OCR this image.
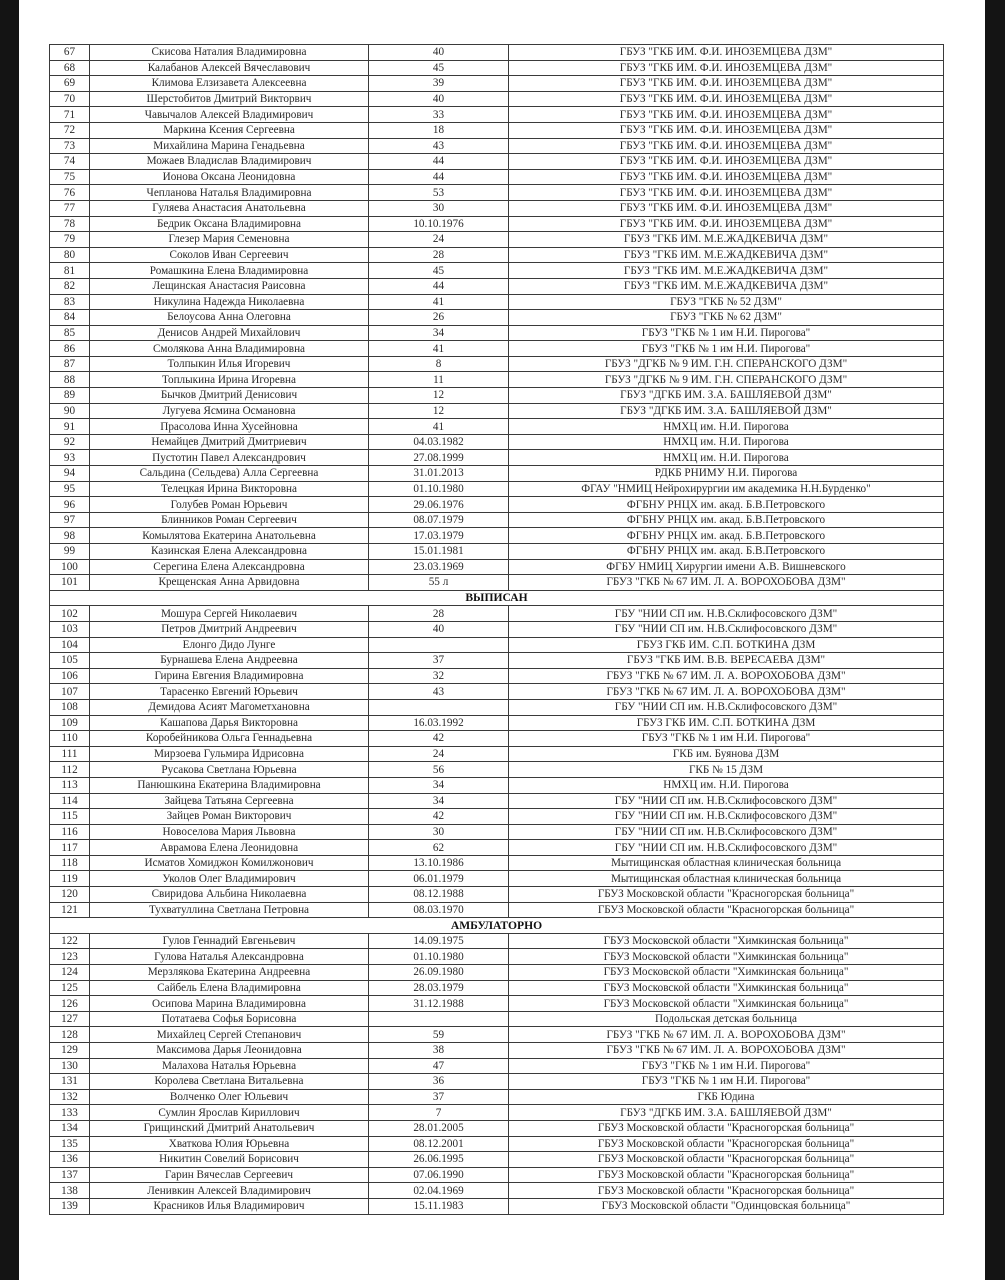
67	Скисова Наталия Владимировна	40	ГБУЗ "ГКБ ИМ. Ф.И. ИНОЗЕМЦЕВА ДЗМ"
68	Калабанов Алексей Вячеславович	45	ГБУЗ "ГКБ ИМ. Ф.И. ИНОЗЕМЦЕВА ДЗМ"
69	Климова Елзизавета Алексеевна	39	ГБУЗ "ГКБ ИМ. Ф.И. ИНОЗЕМЦЕВА ДЗМ"
70	Шерстобитов Дмитрий Викторвич	40	ГБУЗ "ГКБ ИМ. Ф.И. ИНОЗЕМЦЕВА ДЗМ"
71	Чавычалов Алексей Владимирович	33	ГБУЗ "ГКБ ИМ. Ф.И. ИНОЗЕМЦЕВА ДЗМ"
72	Маркина Ксения Сергеевна	18	ГБУЗ "ГКБ ИМ. Ф.И. ИНОЗЕМЦЕВА ДЗМ"
73	Михайлина Марина Генадьевна	43	ГБУЗ "ГКБ ИМ. Ф.И. ИНОЗЕМЦЕВА ДЗМ"
74	Можаев Владислав Владимирович	44	ГБУЗ "ГКБ ИМ. Ф.И. ИНОЗЕМЦЕВА ДЗМ"
75	Ионова Оксана Леонидовна	44	ГБУЗ "ГКБ ИМ. Ф.И. ИНОЗЕМЦЕВА ДЗМ"
76	Чепланова Наталья Владимировна	53	ГБУЗ "ГКБ ИМ. Ф.И. ИНОЗЕМЦЕВА ДЗМ"
77	Гуляева Анастасия Анатольевна	30	ГБУЗ "ГКБ ИМ. Ф.И. ИНОЗЕМЦЕВА ДЗМ"
78	Бедрик Оксана Владимировна	10.10.1976	ГБУЗ "ГКБ ИМ. Ф.И. ИНОЗЕМЦЕВА ДЗМ"
79	Глезер Мария Семеновна	24	ГБУЗ "ГКБ ИМ. М.Е.ЖАДКЕВИЧА ДЗМ"
80	Соколов Иван Сергеевич	28	ГБУЗ "ГКБ ИМ. М.Е.ЖАДКЕВИЧА ДЗМ"
81	Ромашкина Елена Владимировна	45	ГБУЗ "ГКБ ИМ. М.Е.ЖАДКЕВИЧА ДЗМ"
82	Лещинская Анастасия Раисовна	44	ГБУЗ "ГКБ ИМ. М.Е.ЖАДКЕВИЧА ДЗМ"
83	Никулина Надежда Николаевна	41	ГБУЗ "ГКБ № 52 ДЗМ"
84	Белоусова Анна Олеговна	26	ГБУЗ "ГКБ № 62 ДЗМ"
85	Денисов Андрей Михайлович	34	ГБУЗ "ГКБ № 1 им Н.И. Пирогова"
86	Смолякова Анна Владимировна	41	ГБУЗ "ГКБ № 1 им Н.И. Пирогова"
87	Толпыкин Илья Игоревич	8	ГБУЗ "ДГКБ № 9 ИМ. Г.Н. СПЕРАНСКОГО ДЗМ"
88	Топлыкина Ирина Игоревна	11	ГБУЗ "ДГКБ № 9 ИМ. Г.Н. СПЕРАНСКОГО ДЗМ"
89	Бычков Дмитрий Денисович	12	ГБУЗ "ДГКБ ИМ. З.А. БАШЛЯЕВОЙ ДЗМ"
90	Лугуева Ясмина Османовна	12	ГБУЗ "ДГКБ ИМ. З.А. БАШЛЯЕВОЙ ДЗМ"
91	Прасолова Инна Хусейновна	41	НМХЦ им. Н.И. Пирогова
92	Немайцев Дмитрий Дмитриевич	04.03.1982	НМХЦ им. Н.И. Пирогова
93	Пустотин Павел Александрович	27.08.1999	НМХЦ им. Н.И. Пирогова
94	Сальдина (Сельдева) Алла Сергеевна	31.01.2013	РДКБ РНИМУ Н.И. Пирогова
95	Телецкая Ирина Викторовна	01.10.1980	ФГАУ "НМИЦ Нейрохирургии им академика Н.Н.Бурденко"
96	Голубев Роман Юрьевич	29.06.1976	ФГБНУ РНЦХ им. акад. Б.В.Петровского
97	Блинников Роман Сергеевич	08.07.1979	ФГБНУ РНЦХ им. акад. Б.В.Петровского
98	Комылятова Екатерина Анатольевна	17.03.1979	ФГБНУ РНЦХ им. акад. Б.В.Петровского
99	Казинская Елена Александровна	15.01.1981	ФГБНУ РНЦХ им. акад. Б.В.Петровского
100	Серегина Елена Александровна	23.03.1969	ФГБУ НМИЦ Хирургии имени А.В. Вишневского
101	Крещенская Анна Арвидовна	55 л	ГБУЗ "ГКБ № 67 ИМ. Л. А. ВОРОХОБОВА ДЗМ"
ВЫПИСАН			
102	Мошура Сергей Николаевич	28	ГБУ "НИИ СП им. Н.В.Склифосовского ДЗМ"
103	Петров Дмитрий Андреевич	40	ГБУ "НИИ СП им. Н.В.Склифосовского ДЗМ"
104	Елонго Дидо Лунге		ГБУЗ ГКБ ИМ. С.П. БОТКИНА ДЗМ
105	Бурнашева Елена Андреевна	37	ГБУЗ "ГКБ ИМ. В.В. ВЕРЕСАЕВА ДЗМ"
106	Гирина Евгения Владимировна	32	ГБУЗ "ГКБ № 67 ИМ. Л. А. ВОРОХОБОВА ДЗМ"
107	Тарасенко Евгений Юрьевич	43	ГБУЗ "ГКБ № 67 ИМ. Л. А. ВОРОХОБОВА ДЗМ"
108	Демидова Асият Магометхановна		ГБУ "НИИ СП им. Н.В.Склифосовского ДЗМ"
109	Кашапова Дарья Викторовна	16.03.1992	ГБУЗ ГКБ ИМ. С.П. БОТКИНА ДЗМ
110	Коробейникова Ольга Геннадьевна	42	ГБУЗ "ГКБ № 1 им Н.И. Пирогова"
111	Мирзоева Гульмира Идрисовна	24	ГКБ им. Буянова ДЗМ
112	Русакова Светлана Юрьевна	56	ГКБ № 15 ДЗМ
113	Панюшкина Екатерина Владимировна	34	НМХЦ им. Н.И. Пирогова
114	Зайцева Татьяна Сергеевна	34	ГБУ "НИИ СП им. Н.В.Склифосовского ДЗМ"
115	Зайцев Роман Викторович	42	ГБУ "НИИ СП им. Н.В.Склифосовского ДЗМ"
116	Новоселова Мария Львовна	30	ГБУ "НИИ СП им. Н.В.Склифосовского ДЗМ"
117	Аврамова Елена Леонидовна	62	ГБУ "НИИ СП им. Н.В.Склифосовского ДЗМ"
118	Исматов Хомиджон Комилжонович	13.10.1986	Мытищинская областная клиническая больница
119	Уколов Олег Владимирович	06.01.1979	Мытищинская областная клиническая больница
120	Свиридова Альбина Николаевна	08.12.1988	ГБУЗ Московской области "Красногорская больница"
121	Тухватуллина Светлана Петровна	08.03.1970	ГБУЗ Московской области "Красногорская больница"
АМБУЛАТОРНО			
122	Гулов Геннадий Евгеньевич	14.09.1975	ГБУЗ Московской области "Химкинская больница"
123	Гулова Наталья Александровна	01.10.1980	ГБУЗ Московской области "Химкинская больница"
124	Мерзлякова Екатерина Андреевна	26.09.1980	ГБУЗ Московской области "Химкинская больница"
125	Сайбель Елена Владимировна	28.03.1979	ГБУЗ Московской области "Химкинская больница"
126	Осипова Марина Владимировна	31.12.1988	ГБУЗ Московской области "Химкинская больница"
127	Потатаева Софья Борисовна		Подольская детская больница
128	Михайлец Сергей Степанович	59	ГБУЗ "ГКБ № 67 ИМ. Л. А. ВОРОХОБОВА ДЗМ"
129	Максимова Дарья Леонидовна	38	ГБУЗ "ГКБ № 67 ИМ. Л. А. ВОРОХОБОВА ДЗМ"
130	Малахова Наталья Юрьевна	47	ГБУЗ "ГКБ № 1 им Н.И. Пирогова"
131	Королева Светлана Витальевна	36	ГБУЗ "ГКБ № 1 им Н.И. Пирогова"
132	Волченко Олег Юльевич	37	ГКБ Юдина
133	Сумлин Ярослав Кириллович	7	ГБУЗ "ДГКБ ИМ. З.А. БАШЛЯЕВОЙ ДЗМ"
134	Грищинский Дмитрий Анатольевич	28.01.2005	ГБУЗ Московской области "Красногорская больница"
135	Хваткова Юлия Юрьевна	08.12.2001	ГБУЗ Московской области "Красногорская больница"
136	Никитин Совелий Борисович	26.06.1995	ГБУЗ Московской области "Красногорская больница"
137	Гарин Вячеслав Сергеевич	07.06.1990	ГБУЗ Московской области "Красногорская больница"
138	Ленивкин Алексей Владимирович	02.04.1969	ГБУЗ Московской области "Красногорская больница"
139	Красников Илья Владимирович	15.11.1983	ГБУЗ Московской области "Одинцовская больница"
